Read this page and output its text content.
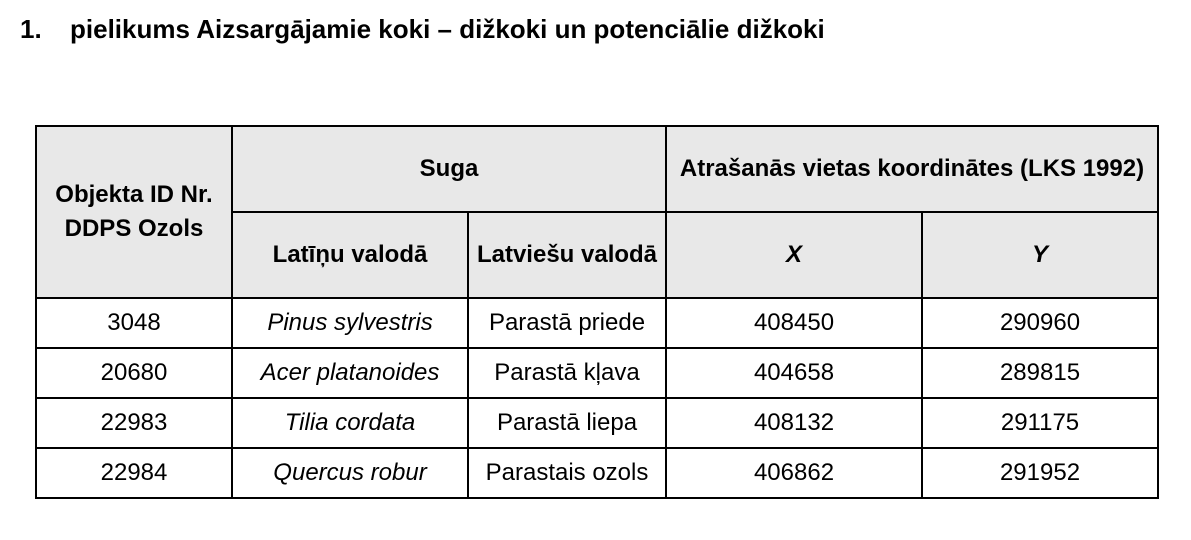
1. pielikums Aizsargājamie koki – dižkoki un potenciālie dižkoki
Objekta ID Nr. DDPS Ozols	Suga		Atrašanās vietas koordinātes (LKS 1992)	
	Latīņu valodā	Latviešu valodā	X	Y
3048	Pinus sylvestris	Parastā priede	408450	290960
20680	Acer platanoides	Parastā kļava	404658	289815
22983	Tilia cordata	Parastā liepa	408132	291175
22984	Quercus robur	Parastais ozols	406862	291952
